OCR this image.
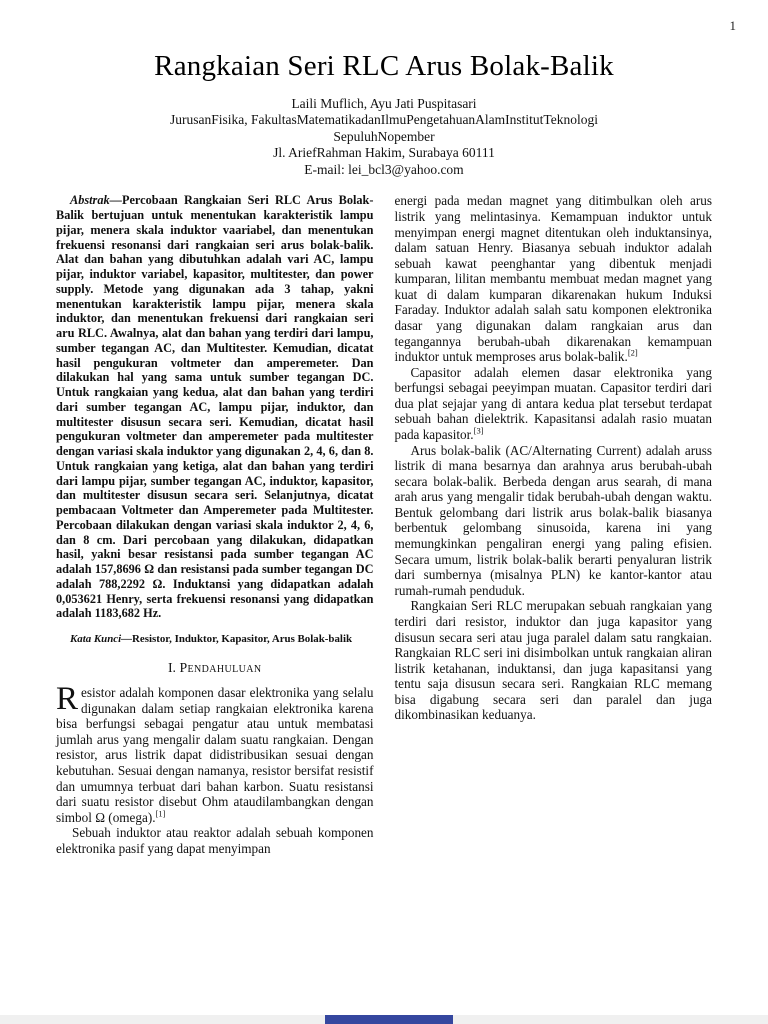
1
Rangkaian Seri RLC Arus Bolak-Balik
Laili Muflich, Ayu Jati Puspitasari
JurusanFisika, FakultasMatematikadanIlmuPengetahuanAlamInstitutTeknologi
SepuluhNopember
Jl. AriefRahman Hakim, Surabaya 60111
E-mail: lei_bcl3@yahoo.com

Abstrak—Percobaan Rangkaian Seri RLC Arus Bolak-Balik bertujuan untuk menentukan karakteristik lampu pijar, menera skala induktor vaariabel, dan menentukan frekuensi resonansi dari rangkaian seri arus bolak-balik. Alat dan bahan yang dibutuhkan adalah vari AC, lampu pijar, induktor variabel, kapasitor, multitester, dan power supply. Metode yang digunakan ada 3 tahap, yakni menentukan karakteristik lampu pijar, menera skala induktor, dan menentukan frekuensi dari rangkaian seri aru RLC. Awalnya, alat dan bahan yang terdiri dari lampu, sumber tegangan AC, dan Multitester. Kemudian, dicatat hasil pengukuran voltmeter dan amperemeter. Dan dilakukan hal yang sama untuk sumber tegangan DC. Untuk rangkaian yang kedua, alat dan bahan yang terdiri dari sumber tegangan AC, lampu pijar, induktor, dan multitester disusun secara seri. Kemudian, dicatat hasil pengukuran voltmeter dan amperemeter pada multitester dengan variasi skala induktor yang digunakan 2, 4, 6, dan 8. Untuk rangkaian yang ketiga, alat dan bahan yang terdiri dari lampu pijar, sumber tegangan AC, induktor, kapasitor, dan multitester disusun secara seri. Selanjutnya, dicatat pembacaan Voltmeter dan Amperemeter pada Multitester. Percobaan dilakukan dengan variasi skala induktor 2, 4, 6, dan 8 cm. Dari percobaan yang dilakukan, didapatkan hasil, yakni besar resistansi pada sumber tegangan AC adalah 157,8696 Ω dan resistansi pada sumber tegangan DC adalah 788,2292 Ω. Induktansi yang didapatkan adalah 0,053621 Henry, serta frekuensi resonansi yang didapatkan adalah 1183,682 Hz.

Kata Kunci—Resistor, Induktor, Kapasitor, Arus Bolak-balik

I. Pendahuluan

Resistor adalah komponen dasar elektronika yang selalu digunakan dalam setiap rangkaian elektronika karena bisa berfungsi sebagai pengatur atau untuk membatasi jumlah arus yang mengalir dalam suatu rangkaian. Dengan resistor, arus listrik dapat didistribusikan sesuai dengan kebutuhan. Sesuai dengan namanya, resistor bersifat resistif dan umumnya terbuat dari bahan karbon. Suatu resistansi dari suatu resistor disebut Ohm ataudilambangkan dengan simbol Ω (omega).[1]

Sebuah induktor atau reaktor adalah sebuah komponen elektronika pasif yang dapat menyimpan

energi pada medan magnet yang ditimbulkan oleh arus listrik yang melintasinya. Kemampuan induktor untuk menyimpan energi magnet ditentukan oleh induktansinya, dalam satuan Henry. Biasanya sebuah induktor adalah sebuah kawat peenghantar yang dibentuk menjadi kumparan, lilitan membantu membuat medan magnet yang kuat di dalam kumparan dikarenakan hukum Induksi Faraday. Induktor adalah salah satu komponen elektronika dasar yang digunakan dalam rangkaian arus dan tegangannya berubah-ubah dikarenakan kemampuan induktor untuk memproses arus bolak-balik.[2]

Capasitor adalah elemen dasar elektronika yang berfungsi sebagai peeyimpan muatan. Capasitor terdiri dari dua plat sejajar yang di antara kedua plat tersebut terdapat sebuah bahan dielektrik. Kapasitansi adalah rasio muatan pada kapasitor.[3]

Arus bolak-balik (AC/Alternating Current) adalah aruss listrik di mana besarnya dan arahnya arus berubah-ubah secara bolak-balik. Berbeda dengan arus searah, di mana arah arus yang mengalir tidak berubah-ubah dengan waktu. Bentuk gelombang dari listrik arus bolak-balik biasanya berbentuk gelombang sinusoida, karena ini yang memungkinkan pengaliran energi yang paling efisien. Secara umum, listrik bolak-balik berarti penyaluran listrik dari sumbernya (misalnya PLN) ke kantor-kantor atau rumah-rumah penduduk.

Rangkaian Seri RLC merupakan sebuah rangkaian yang terdiri dari resistor, induktor dan juga kapasitor yang disusun secara seri atau juga paralel dalam satu rangkaian. Rangkaian RLC seri ini disimbolkan untuk rangkaian aliran listrik ketahanan, induktansi, dan juga kapasitansi yang tentu saja disusun secara seri. Rangkaian RLC memang bisa digabung secara seri dan paralel dan juga dikombinasikan keduanya.
